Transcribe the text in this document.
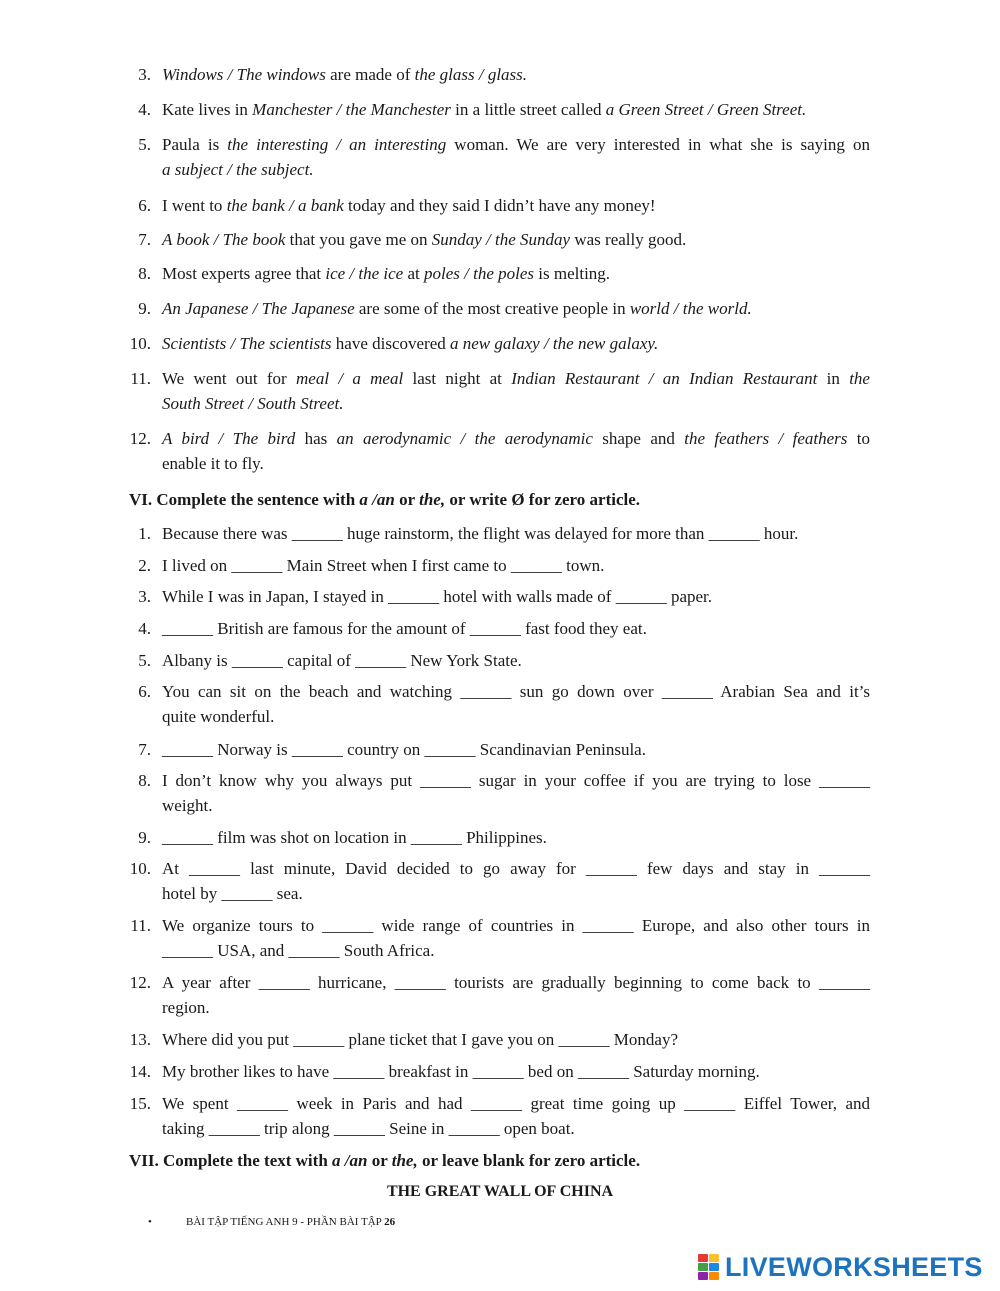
3. Windows / The windows are made of the glass / glass.
4. Kate lives in Manchester / the Manchester in a little street called a Green Street / Green Street.
5. Paula is the interesting / an interesting woman. We are very interested in what she is saying on
a subject / the subject.
6. I went to the bank / a bank today and they said I didn’t have any money!
7. A book / The book that you gave me on Sunday / the Sunday was really good.
8. Most experts agree that ice / the ice at poles / the poles is melting.
9. An Japanese / The Japanese are some of the most creative people in world / the world.
10. Scientists / The scientists have discovered a new galaxy / the new galaxy.
11. We went out for meal / a meal last night at Indian Restaurant / an Indian Restaurant in the
South Street / South Street.
12. A bird / The bird has an aerodynamic / the aerodynamic shape and the feathers / feathers to
enable it to fly.
VI. Complete the sentence with a /an or the, or write Ø for zero article.
1. Because there was ______ huge rainstorm, the flight was delayed for more than ______ hour.
2. I lived on ______ Main Street when I first came to ______ town.
3. While I was in Japan, I stayed in ______ hotel with walls made of ______ paper.
4. ______ British are famous for the amount of ______ fast food they eat.
5. Albany is ______ capital of ______ New York State.
6. You can sit on the beach and watching ______ sun go down over ______ Arabian Sea and it’s
quite wonderful.
7. ______ Norway is ______ country on ______ Scandinavian Peninsula.
8. I don’t know why you always put ______ sugar in your coffee if you are trying to lose ______
weight.
9. ______ film was shot on location in ______ Philippines.
10. At ______ last minute, David decided to go away for ______ few days and stay in ______
hotel by ______ sea.
11. We organize tours to ______ wide range of countries in ______ Europe, and also other tours in
______ USA, and ______ South Africa.
12. A year after ______ hurricane, ______ tourists are gradually beginning to come back to ______
region.
13. Where did you put ______ plane ticket that I gave you on ______ Monday?
14. My brother likes to have ______ breakfast in ______ bed on ______ Saturday morning.
15. We spent ______ week in Paris and had ______ great time going up ______ Eiffel Tower, and
taking ______ trip along ______ Seine in ______ open boat.
VII. Complete the text with a /an or the, or leave blank for zero article.
THE GREAT WALL OF CHINA
•	BÀI TẬP TIẾNG ANH 9 - PHẦN BÀI TẬP 26
LIVEWORKSHEETS
